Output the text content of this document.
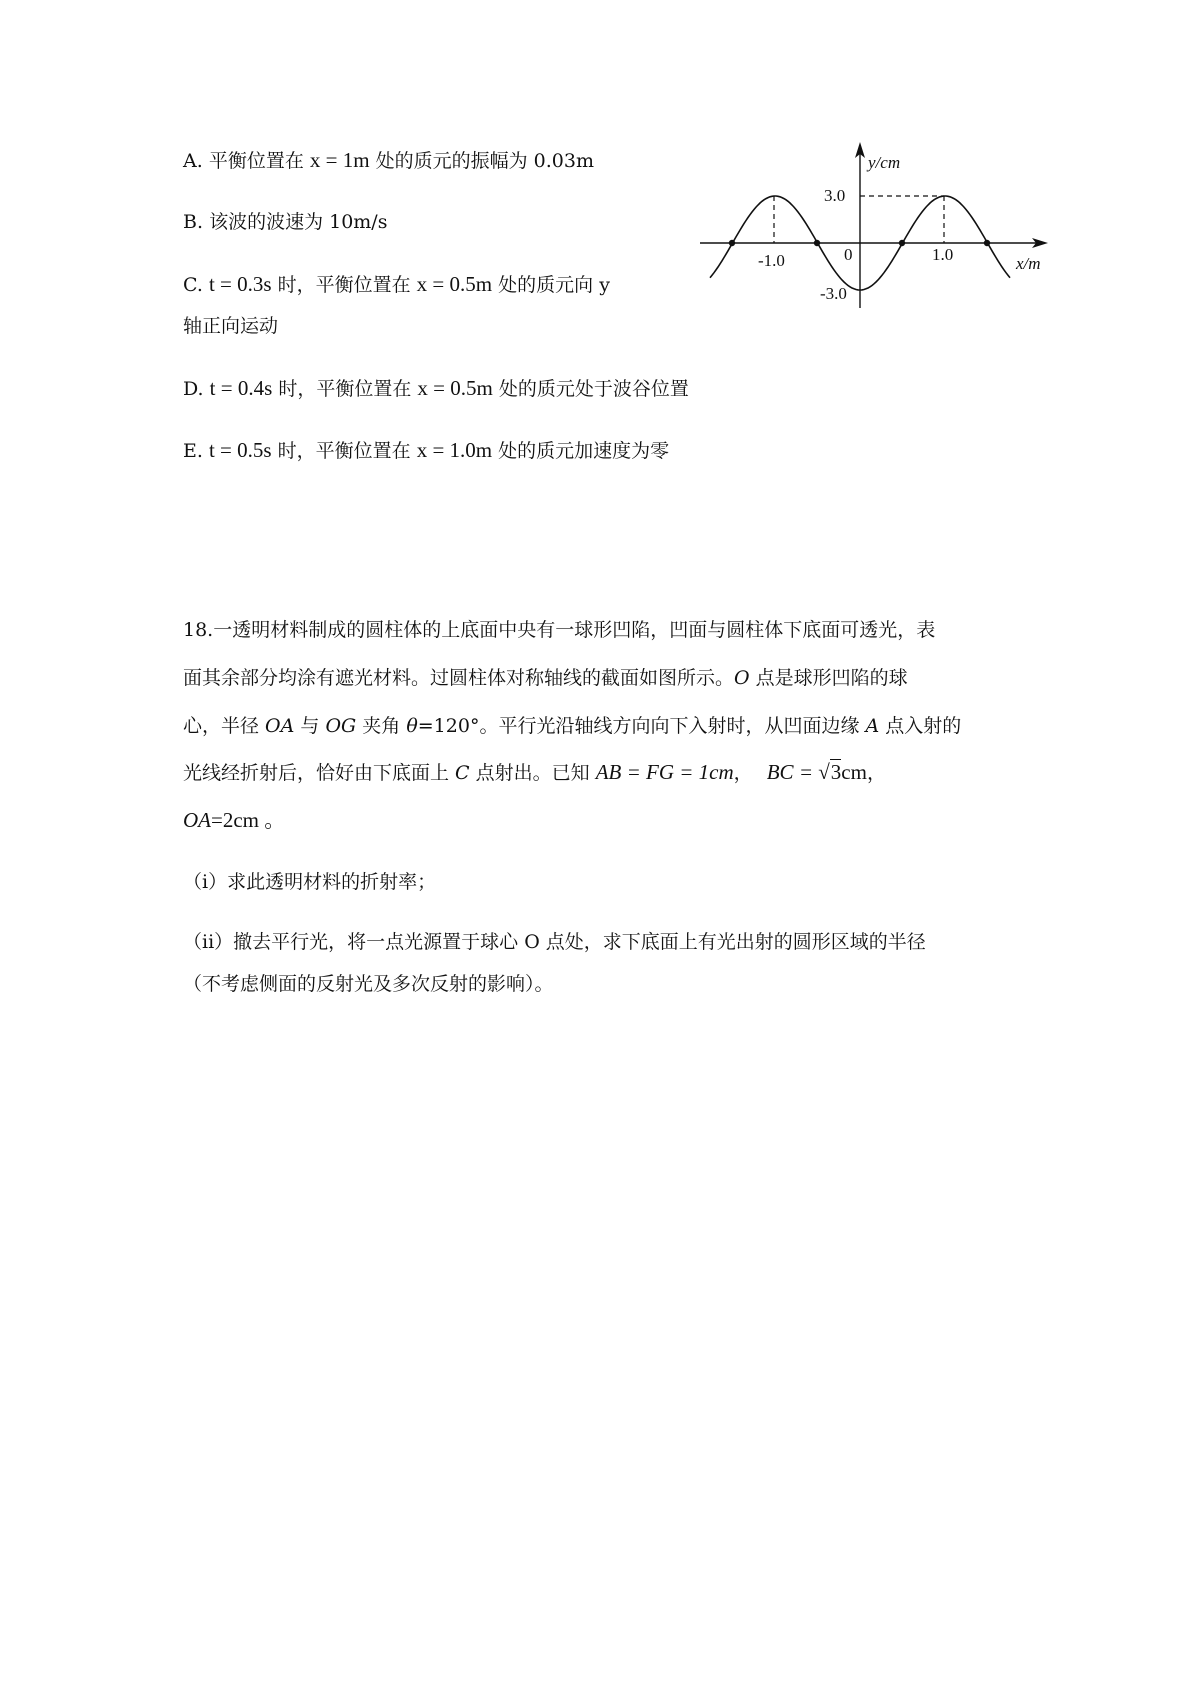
A. 平衡位置在 x = 1m 处的质元的振幅为 0.03m
B. 该波的波速为 10m/s
C. t = 0.3s 时，平衡位置在 x = 0.5m 处的质元向 y
轴正向运动
D. t = 0.4s 时，平衡位置在 x = 0.5m 处的质元处于波谷位置
E. t = 0.5s 时，平衡位置在 x = 1.0m 处的质元加速度为零
y/cm
3.0
-3.0
-1.0	1.0
0	x/m
18.一透明材料制成的圆柱体的上底面中央有一球形凹陷，凹面与圆柱体下底面可透光，表
面其余部分均涂有遮光材料。过圆柱体对称轴线的截面如图所示。O 点是球形凹陷的球
心，半径 OA 与 OG 夹角 θ=120°。平行光沿轴线方向向下入射时，从凹面边缘 A 点入射的
光线经折射后，恰好由下底面上 C 点射出。已知 AB = FG = 1cm， BC = √3cm，
OA=2cm 。
（i）求此透明材料的折射率；
（ii）撤去平行光，将一点光源置于球心 O 点处，求下底面上有光出射的圆形区域的半径
（不考虑侧面的反射光及多次反射的影响）。
